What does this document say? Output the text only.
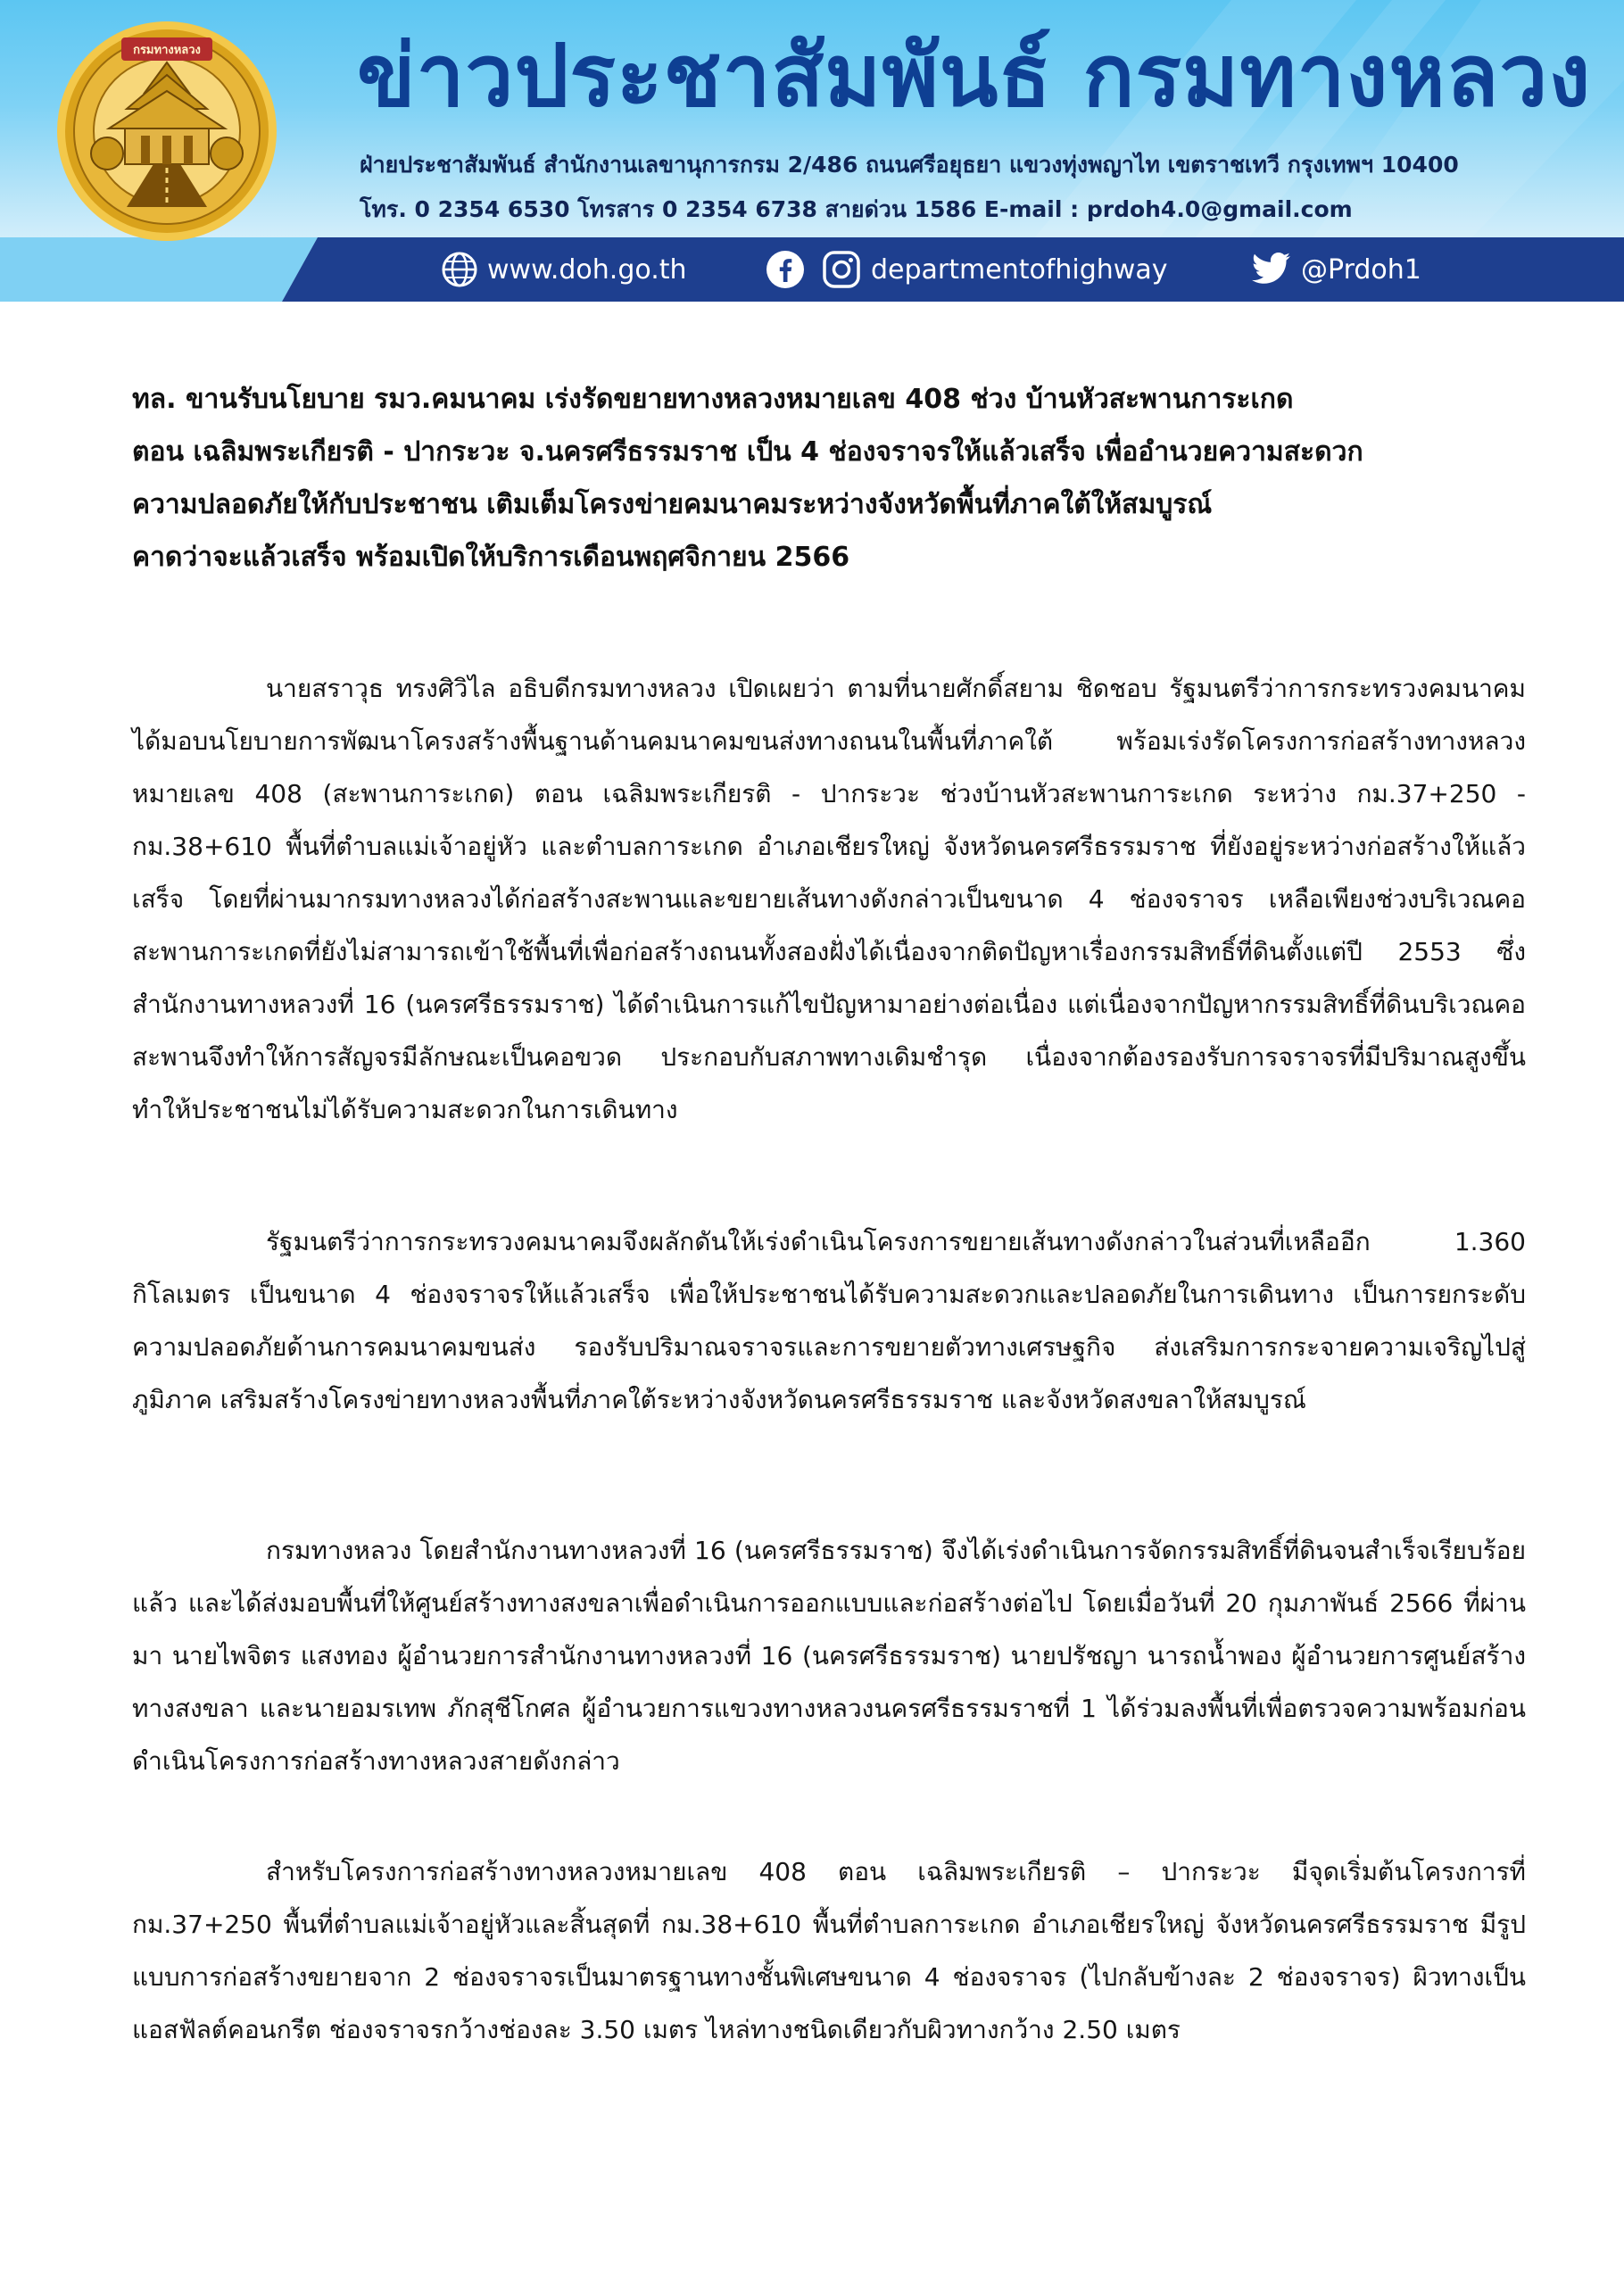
กรมทางหลวง ข่าวประชาสัมพันธ์ กรมทางหลวง
ฝ่ายประชาสัมพันธ์ สำนักงานเลขานุการกรม 2/486 ถนนศรีอยุธยา แขวงทุ่งพญาไท เขตราชเทวี กรุงเทพฯ 10400
โทร. 0 2354 6530 โทรสาร 0 2354 6738 สายด่วน 1586 E-mail : prdoh4.0@gmail.com
www.doh.go.th	departmentofhighway	@Prdoh1
ทล. ขานรับนโยบาย รมว.คมนาคม เร่งรัดขยายทางหลวงหมายเลข 408 ช่วง บ้านหัวสะพานการะเกด
ตอน เฉลิมพระเกียรติ - ปากระวะ จ.นครศรีธรรมราช เป็น 4 ช่องจราจรให้แล้วเสร็จ เพื่ออำนวยความสะดวก
ความปลอดภัยให้กับประชาชน เติมเต็มโครงข่ายคมนาคมระหว่างจังหวัดพื้นที่ภาคใต้ให้สมบูรณ์
คาดว่าจะแล้วเสร็จ พร้อมเปิดให้บริการเดือนพฤศจิกายน 2566
นายสราวุธ ทรงศิวิไล อธิบดีกรมทางหลวง เปิดเผยว่า ตามที่นายศักดิ์สยาม ชิดชอบ รัฐมนตรีว่าการกระทรวงคมนาคมได้มอบนโยบายการพัฒนาโครงสร้างพื้นฐานด้านคมนาคมขนส่งทางถนนในพื้นที่ภาคใต้ พร้อมเร่งรัดโครงการก่อสร้างทางหลวงหมายเลข 408 (สะพานการะเกด) ตอน เฉลิมพระเกียรติ - ปากระวะ ช่วงบ้านหัวสะพานการะเกด ระหว่าง กม.37+250 - กม.38+610 พื้นที่ตำบลแม่เจ้าอยู่หัว และตำบลการะเกด อำเภอเชียรใหญ่ จังหวัดนครศรีธรรมราช ที่ยังอยู่ระหว่างก่อสร้างให้แล้วเสร็จ โดยที่ผ่านมากรมทางหลวงได้ก่อสร้างสะพานและขยายเส้นทางดังกล่าวเป็นขนาด 4 ช่องจราจร เหลือเพียงช่วงบริเวณคอสะพานการะเกดที่ยังไม่สามารถเข้าใช้พื้นที่เพื่อก่อสร้างถนนทั้งสองฝั่งได้เนื่องจากติดปัญหาเรื่องกรรมสิทธิ์ที่ดินตั้งแต่ปี 2553 ซึ่งสำนักงานทางหลวงที่ 16 (นครศรีธรรมราช) ได้ดำเนินการแก้ไขปัญหามาอย่างต่อเนื่อง แต่เนื่องจากปัญหากรรมสิทธิ์ที่ดินบริเวณคอสะพานจึงทำให้การสัญจรมีลักษณะเป็นคอขวด ประกอบกับสภาพทางเดิมชำรุด เนื่องจากต้องรองรับการจราจรที่มีปริมาณสูงขึ้น ทำให้ประชาชนไม่ได้รับความสะดวกในการเดินทาง
รัฐมนตรีว่าการกระทรวงคมนาคมจึงผลักดันให้เร่งดำเนินโครงการขยายเส้นทางดังกล่าวในส่วนที่เหลืออีก 1.360 กิโลเมตร เป็นขนาด 4 ช่องจราจรให้แล้วเสร็จ เพื่อให้ประชาชนได้รับความสะดวกและปลอดภัยในการเดินทาง เป็นการยกระดับความปลอดภัยด้านการคมนาคมขนส่ง รองรับปริมาณจราจรและการขยายตัวทางเศรษฐกิจ ส่งเสริมการกระจายความเจริญไปสู่ภูมิภาค เสริมสร้างโครงข่ายทางหลวงพื้นที่ภาคใต้ระหว่างจังหวัดนครศรีธรรมราช และจังหวัดสงขลาให้สมบูรณ์
กรมทางหลวง โดยสำนักงานทางหลวงที่ 16 (นครศรีธรรมราช) จึงได้เร่งดำเนินการจัดกรรมสิทธิ์ที่ดินจนสำเร็จเรียบร้อยแล้ว และได้ส่งมอบพื้นที่ให้ศูนย์สร้างทางสงขลาเพื่อดำเนินการออกแบบและก่อสร้างต่อไป โดยเมื่อวันที่ 20 กุมภาพันธ์ 2566 ที่ผ่านมา นายไพจิตร แสงทอง ผู้อำนวยการสำนักงานทางหลวงที่ 16 (นครศรีธรรมราช) นายปรัชญา นารถน้ำพอง ผู้อำนวยการศูนย์สร้างทางสงขลา และนายอมรเทพ ภักสุชีโกศล ผู้อำนวยการแขวงทางหลวงนครศรีธรรมราชที่ 1 ได้ร่วมลงพื้นที่เพื่อตรวจความพร้อมก่อนดำเนินโครงการก่อสร้างทางหลวงสายดังกล่าว
สำหรับโครงการก่อสร้างทางหลวงหมายเลข 408 ตอน เฉลิมพระเกียรติ – ปากระวะ มีจุดเริ่มต้นโครงการที่ กม.37+250 พื้นที่ตำบลแม่เจ้าอยู่หัวและสิ้นสุดที่ กม.38+610 พื้นที่ตำบลการะเกด อำเภอเชียรใหญ่ จังหวัดนครศรีธรรมราช มีรูปแบบการก่อสร้างขยายจาก 2 ช่องจราจรเป็นมาตรฐานทางชั้นพิเศษขนาด 4 ช่องจราจร (ไปกลับข้างละ 2 ช่องจราจร) ผิวทางเป็นแอสฟัลต์คอนกรีต ช่องจราจรกว้างช่องละ 3.50 เมตร ไหล่ทางชนิดเดียวกับผิวทางกว้าง 2.50 เมตร
